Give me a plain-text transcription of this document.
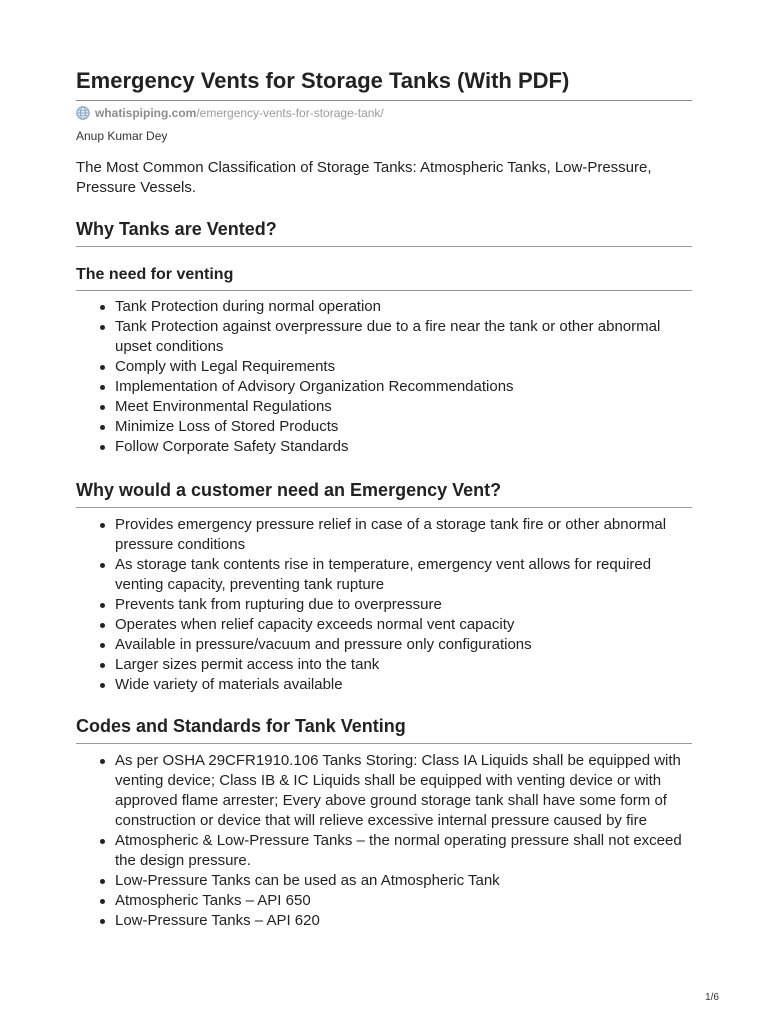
Emergency Vents for Storage Tanks (With PDF)
whatispiping.com /emergency-vents-for-storage-tank/
Anup Kumar Dey

The Most Common Classification of Storage Tanks: Atmospheric Tanks, Low-Pressure, Pressure Vessels.

Why Tanks are Vented?
The need for venting
Tank Protection during normal operation
Tank Protection against overpressure due to a fire near the tank or other abnormal upset conditions
Comply with Legal Requirements
Implementation of Advisory Organization Recommendations
Meet Environmental Regulations
Minimize Loss of Stored Products
Follow Corporate Safety Standards
Why would a customer need an Emergency Vent?
Provides emergency pressure relief in case of a storage tank fire or other abnormal pressure conditions
As storage tank contents rise in temperature, emergency vent allows for required venting capacity, preventing tank rupture
Prevents tank from rupturing due to overpressure
Operates when relief capacity exceeds normal vent capacity
Available in pressure/vacuum and pressure only configurations
Larger sizes permit access into the tank
Wide variety of materials available
Codes and Standards for Tank Venting
As per OSHA 29CFR1910.106 Tanks Storing: Class IA Liquids shall be equipped with venting device; Class IB & IC Liquids shall be equipped with venting device or with approved flame arrester; Every above ground storage tank shall have some form of construction or device that will relieve excessive internal pressure caused by fire
Atmospheric & Low-Pressure Tanks – the normal operating pressure shall not exceed the design pressure.
Low-Pressure Tanks can be used as an Atmospheric Tank
Atmospheric Tanks – API 650
Low-Pressure Tanks – API 620
1/6
